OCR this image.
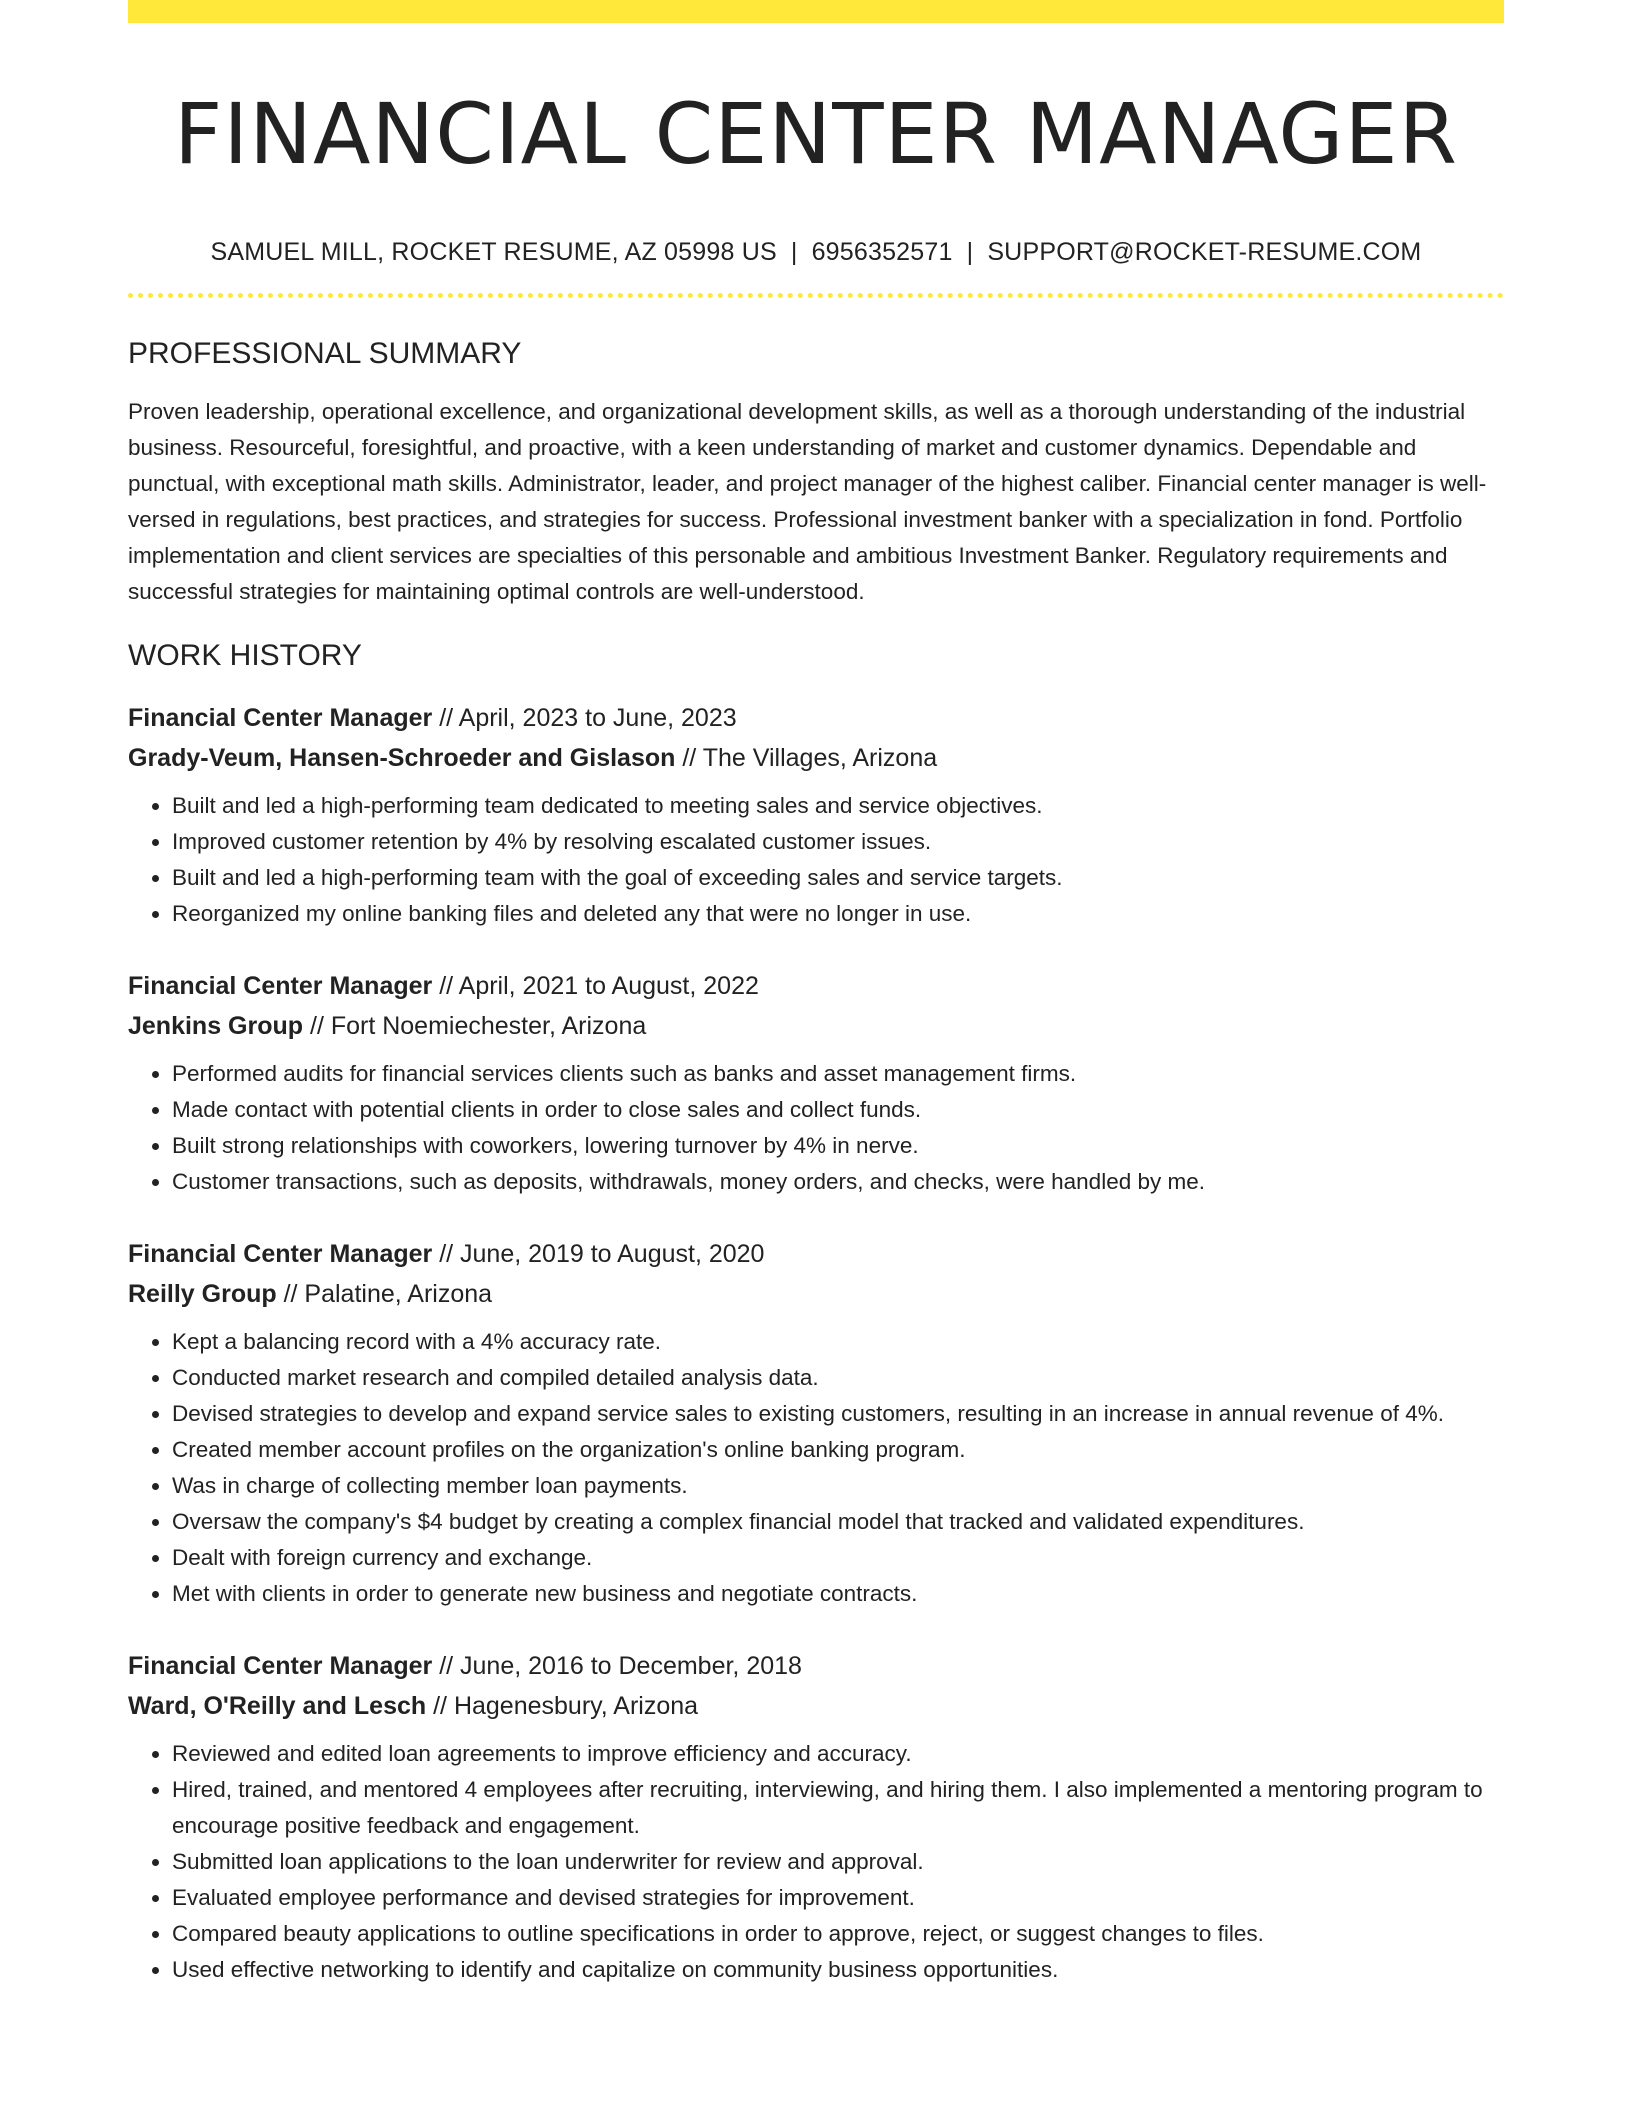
FINANCIAL CENTER MANAGER
SAMUEL MILL, ROCKET RESUME, AZ 05998 US | 6956352571 | SUPPORT@ROCKET-RESUME.COM
PROFESSIONAL SUMMARY

Proven leadership, operational excellence, and organizational development skills, as well as a thorough understanding of the industrial business. Resourceful, foresightful, and proactive, with a keen understanding of market and customer dynamics. Dependable and punctual, with exceptional math skills. Administrator, leader, and project manager of the highest caliber. Financial center manager is well-versed in regulations, best practices, and strategies for success. Professional investment banker with a specialization in fond. Portfolio implementation and client services are specialties of this personable and ambitious Investment Banker. Regulatory requirements and successful strategies for maintaining optimal controls are well-understood.

WORK HISTORY
Financial Center Manager // April, 2023 to June, 2023
Grady-Veum, Hansen-Schroeder and Gislason // The Villages, Arizona
• Built and led a high-performing team dedicated to meeting sales and service objectives.
• Improved customer retention by 4% by resolving escalated customer issues.
• Built and led a high-performing team with the goal of exceeding sales and service targets.
• Reorganized my online banking files and deleted any that were no longer in use.
Financial Center Manager // April, 2021 to August, 2022
Jenkins Group // Fort Noemiechester, Arizona
• Performed audits for financial services clients such as banks and asset management firms.
• Made contact with potential clients in order to close sales and collect funds.
• Built strong relationships with coworkers, lowering turnover by 4% in nerve.
• Customer transactions, such as deposits, withdrawals, money orders, and checks, were handled by me.
Financial Center Manager // June, 2019 to August, 2020
Reilly Group // Palatine, Arizona
• Kept a balancing record with a 4% accuracy rate.
• Conducted market research and compiled detailed analysis data.
• Devised strategies to develop and expand service sales to existing customers, resulting in an increase in annual revenue of 4%.
• Created member account profiles on the organization's online banking program.
• Was in charge of collecting member loan payments.
• Oversaw the company's $4 budget by creating a complex financial model that tracked and validated expenditures.
• Dealt with foreign currency and exchange.
• Met with clients in order to generate new business and negotiate contracts.
Financial Center Manager // June, 2016 to December, 2018
Ward, O'Reilly and Lesch // Hagenesbury, Arizona
• Reviewed and edited loan agreements to improve efficiency and accuracy.
• Hired, trained, and mentored 4 employees after recruiting, interviewing, and hiring them. I also implemented a mentoring program to encourage positive feedback and engagement.
• Submitted loan applications to the loan underwriter for review and approval.
• Evaluated employee performance and devised strategies for improvement.
• Compared beauty applications to outline specifications in order to approve, reject, or suggest changes to files.
• Used effective networking to identify and capitalize on community business opportunities.
